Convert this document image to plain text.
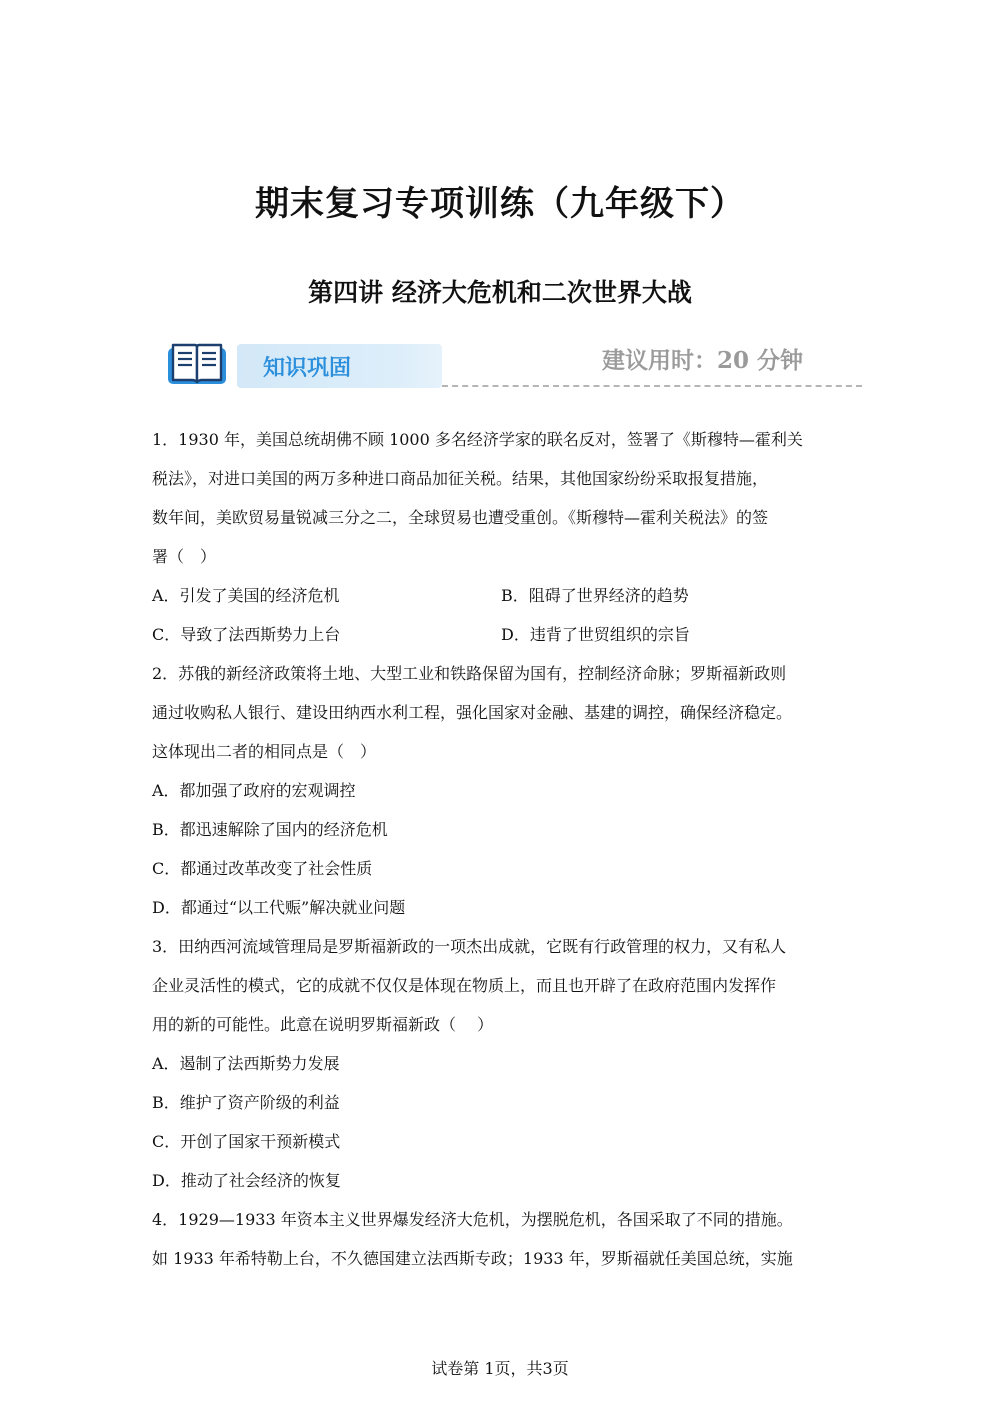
期末复习专项训练（九年级下）
第四讲 经济大危机和二次世界大战
知识巩固	建议用时：20 分钟
1．1930 年，美国总统胡佛不顾 1000 多名经济学家的联名反对，签署了《斯穆特—霍利关
税法》，对进口美国的两万多种进口商品加征关税。结果，其他国家纷纷采取报复措施，
数年间，美欧贸易量锐减三分之二，全球贸易也遭受重创。《斯穆特—霍利关税法》的签
署（　）
A．引发了美国的经济危机	B．阻碍了世界经济的趋势
C．导致了法西斯势力上台	D．违背了世贸组织的宗旨
2．苏俄的新经济政策将土地、大型工业和铁路保留为国有，控制经济命脉；罗斯福新政则
通过收购私人银行、建设田纳西水利工程，强化国家对金融、基建的调控，确保经济稳定。
这体现出二者的相同点是（　）
A．都加强了政府的宏观调控
B．都迅速解除了国内的经济危机
C．都通过改革改变了社会性质
D．都通过“以工代赈”解决就业问题
3．田纳西河流域管理局是罗斯福新政的一项杰出成就，它既有行政管理的权力，又有私人
企业灵活性的模式，它的成就不仅仅是体现在物质上，而且也开辟了在政府范围内发挥作
用的新的可能性。此意在说明罗斯福新政（　 ）
A．遏制了法西斯势力发展
B．维护了资产阶级的利益
C．开创了国家干预新模式
D．推动了社会经济的恢复
4．1929—1933 年资本主义世界爆发经济大危机，为摆脱危机，各国采取了不同的措施。
如 1933 年希特勒上台，不久德国建立法西斯专政；1933 年，罗斯福就任美国总统，实施
试卷第 1页，共3页
